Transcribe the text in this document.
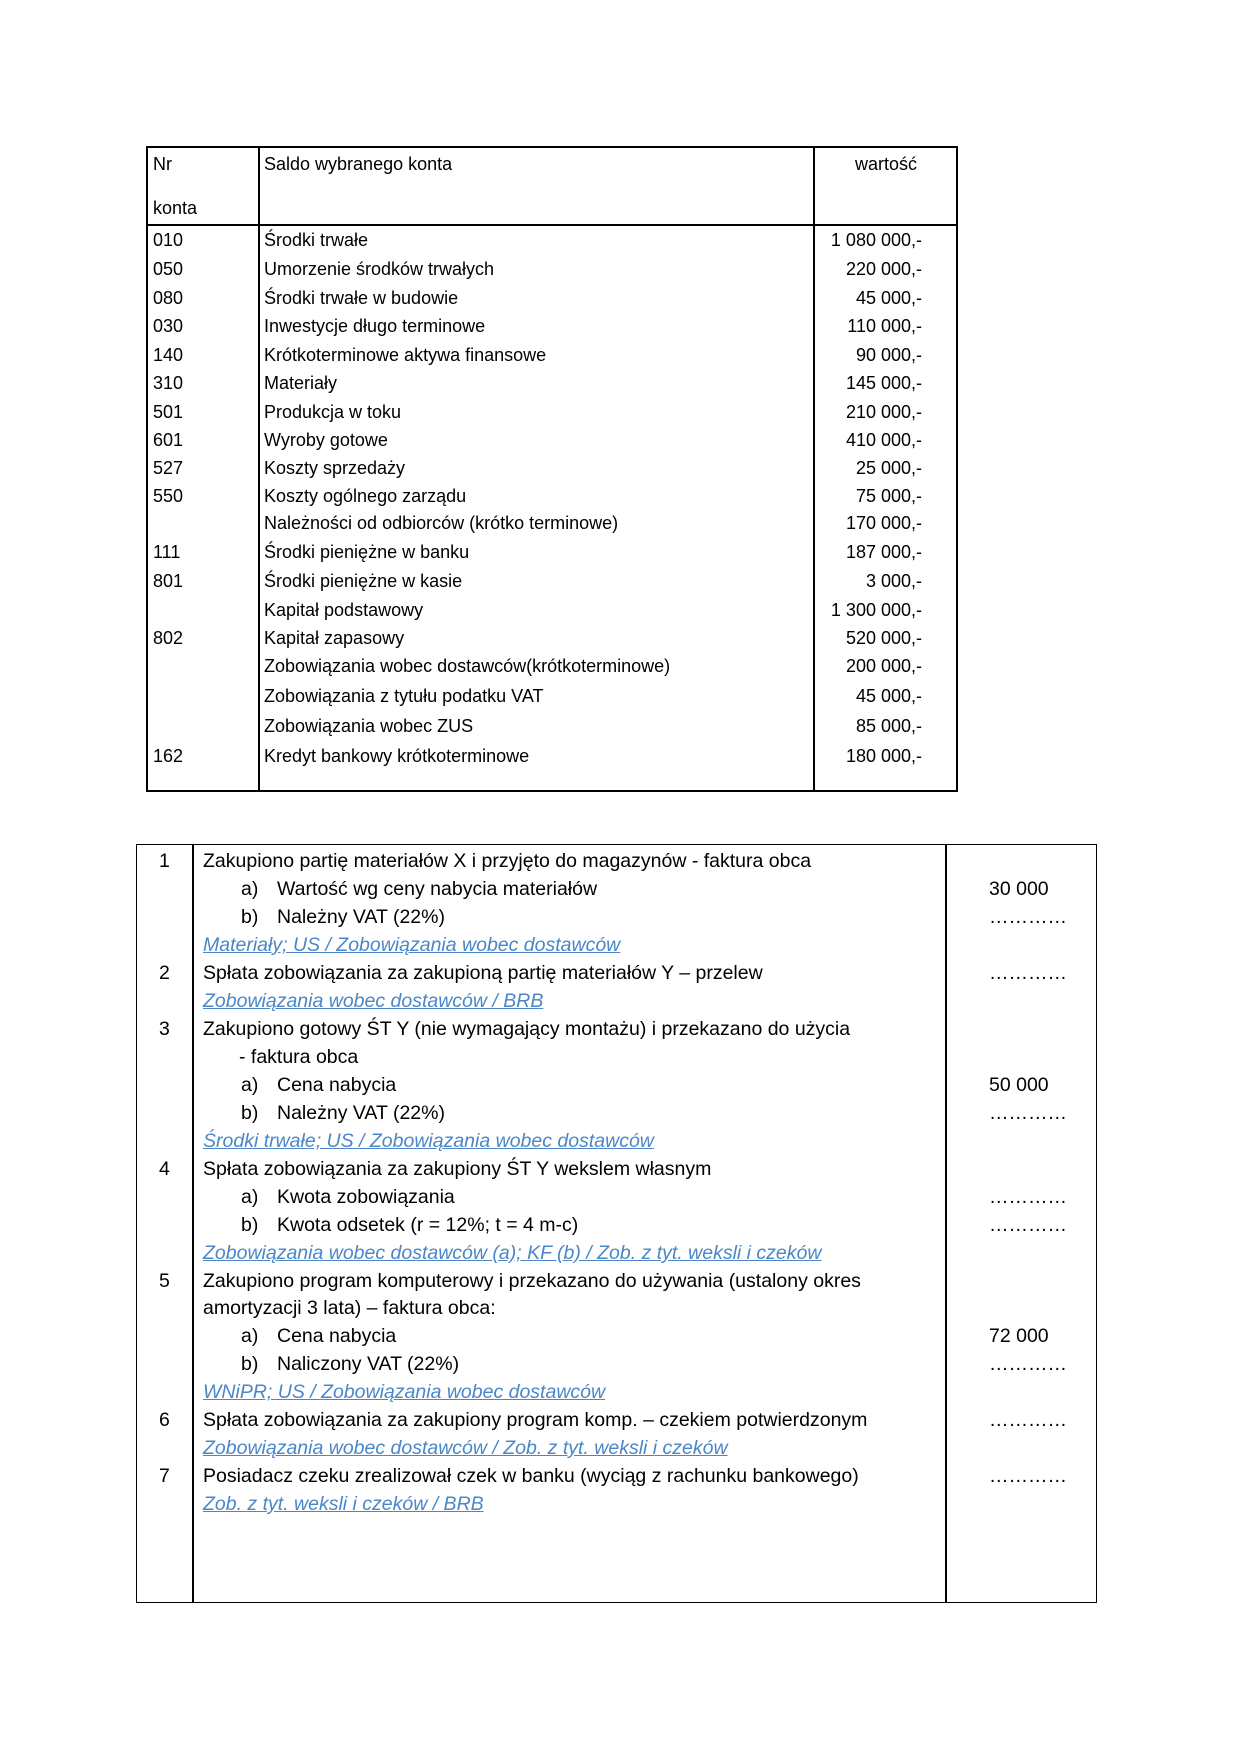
Nr
konta
Saldo wybranego konta	wartość
010	Środki trwałe	1 080 000,-
050	Umorzenie środków trwałych	220 000,-
080	Środki trwałe w budowie	45 000,-
030	Inwestycje długo terminowe	110 000,-
140	Krótkoterminowe aktywa finansowe	90 000,-
310	Materiały	145 000,-
501	Produkcja w toku	210 000,-
601	Wyroby gotowe	410 000,-
527	Koszty sprzedaży	25 000,-
550	Koszty ogólnego zarządu	75 000,-
Należności od odbiorców (krótko terminowe)	170 000,-
111	Środki pieniężne w banku	187 000,-
801	Środki pieniężne w kasie	3 000,-
Kapitał podstawowy	1 300 000,-
802	Kapitał zapasowy	520 000,-
Zobowiązania wobec dostawców(krótkoterminowe)	200 000,-
Zobowiązania z tytułu podatku VAT	45 000,-
Zobowiązania wobec ZUS	85 000,-
162	Kredyt bankowy krótkoterminowe	180 000,-
1 Zakupiono partię materiałów X i przyjęto do magazynów - faktura obca
a) Wartość wg ceny nabycia materiałów	30 000
b) Należny VAT (22%)	…………
Materiały; US / Zobowiązania wobec dostawców
2 Spłata zobowiązania za zakupioną partię materiałów Y – przelew	…………
Zobowiązania wobec dostawców / BRB
3 Zakupiono gotowy ŚT Y (nie wymagający montażu) i przekazano do użycia
- faktura obca
a) Cena nabycia	50 000
b) Należny VAT (22%)	…………
Środki trwałe; US / Zobowiązania wobec dostawców
4 Spłata zobowiązania za zakupiony ŚT Y wekslem własnym
a) Kwota zobowiązania	…………
b) Kwota odsetek (r = 12%; t = 4 m-c)	…………
Zobowiązania wobec dostawców (a); KF (b) / Zob. z tyt. weksli i czeków
5 Zakupiono program komputerowy i przekazano do używania (ustalony okres
amortyzacji 3 lata) – faktura obca:
a) Cena nabycia	72 000
b) Naliczony VAT (22%)	…………
WNiPR; US / Zobowiązania wobec dostawców
6 Spłata zobowiązania za zakupiony program komp. – czekiem potwierdzonym	…………
Zobowiązania wobec dostawców / Zob. z tyt. weksli i czeków
7 Posiadacz czeku zrealizował czek w banku (wyciąg z rachunku bankowego)	…………
Zob. z tyt. weksli i czeków / BRB
